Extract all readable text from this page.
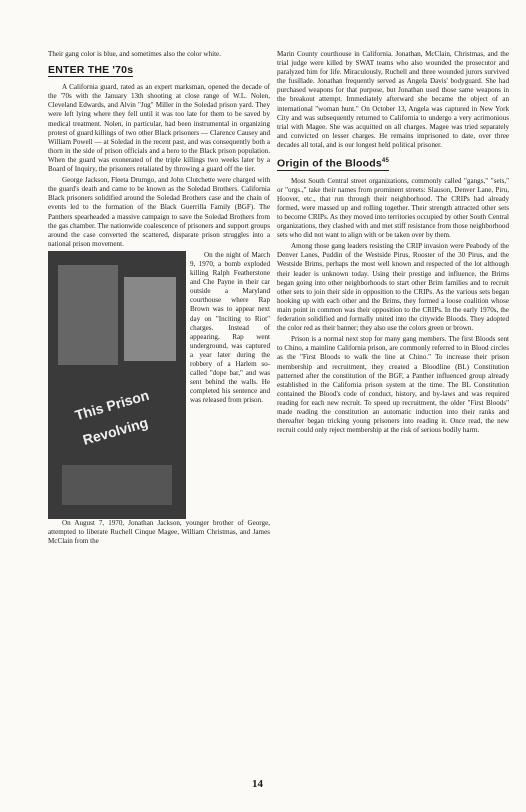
Their gang color is blue, and sometimes also the color white.

ENTER THE '70s

A California guard, rated as an expert marksman, opened the decade of the '70s with the January 13th shooting at close range of W.L. Nolen, Cleveland Edwards, and Alvin "Jug" Miller in the Soledad prison yard. They were left lying where they fell until it was too late for them to be saved by medical treatment. Nolen, in particular, had been instrumental in organizing protest of guard killings of two other Black prisoners — Clarence Causey and William Powell — at Soledad in the recent past, and was consequently both a thorn in the side of prison officials and a hero to the Black prison population. When the guard was exonerated of the triple killings two weeks later by a Board of Inquiry, the prisoners retaliated by throwing a guard off the tier.

George Jackson, Fleeta Drumgo, and John Clutchette were charged with the guard's death and came to be known as the Soledad Brothers. California Black prisoners solidified around the Soledad Brothers case and the chain of events led to the formation of the Black Guerrilla Family (BGF). The Panthers spearheaded a massive campaign to save the Soledad Brothers from the gas chamber. The nationwide coalescence of prisoners and support groups around the case converted the scattered, disparate prison struggles into a national prison movement.

This Prison
Revolving

On the night of March 9, 1970, a bomb exploded killing Ralph Featherstone and Che Payne in their car outside a Maryland courthouse where Rap Brown was to appear next day on "Inciting to Riot" charges. Instead of appearing, Rap went underground, was captured a year later during the robbery of a Harlem so-called "dope bar," and was sent behind the walls. He completed his sentence and was released from prison.

On August 7, 1970, Jonathan Jackson, younger brother of George, attempted to liberate Ruchell Cinque Magee, William Christmas, and James McClain from the

Marin County courthouse in California. Jonathan, McClain, Christmas, and the trial judge were killed by SWAT teams who also wounded the prosecutor and paralyzed him for life. Miraculously, Ruchell and three wounded jurors survived the fusillade. Jonathan frequently served as Angela Davis' bodyguard. She had purchased weapons for that purpose, but Jonathan used those same weapons in the breakout attempt. Immediately afterward she became the object of an international "woman hunt." On October 13, Angela was captured in New York City and was subsequently returned to California to undergo a very acrimonious trial with Magee. She was acquitted on all charges. Magee was tried separately and convicted on lesser charges. He remains imprisoned to date, over three decades all total, and is our longest held political prisoner.

Origin of the Bloods$^{45}$

Most South Central street organizations, commonly called "gangs," "sets," or "orgs.," take their names from prominent streets: Slauson, Denver Lane, Piru, Hoover, etc., that run through their neighborhood. The CRIPs had already formed, were massed up and rolling together. Their strength attracted other sets to become CRIPs. As they moved into territories occupied by other South Central organizations, they clashed with and met stiff resistance from those neighborhood sets who did not want to align with or be taken over by them.

Among those gang leaders resisting the CRIP invasion were Peabody of the Denver Lanes, Puddin of the Westside Pirus, Rooster of the 30 Pirus, and the Westside Brims, perhaps the most well known and respected of the lot although their leader is unknown today. Using their prestige and influence, the Brims began going into other neighborhoods to start other Brim families and to recruit other sets to join their side in opposition to the CRIPs. As the various sets began hooking up with each other and the Brims, they formed a loose coalition whose main point in common was their opposition to the CRIPs. In the early 1970s, the federation solidified and formally united into the citywide Bloods. They adopted the color red as their banner; they also use the colors green or brown.

Prison is a normal next stop for many gang members. The first Bloods sent to Chino, a mainline California prison, are commonly referred to in Blood circles as the "First Bloods to walk the line at Chino." To increase their prison membership and recruitment, they created a Bloodline (BL) Constitution patterned after the constitution of the BGF, a Panther influenced group already established in the California prison system at the time. The BL Constitution contained the Blood's code of conduct, history, and by-laws and was required reading for each new recruit. To speed up recruitment, the older "First Bloods" made reading the constitution an automatic induction into their ranks and thereafter began tricking young prisoners into reading it. Once read, the new recruit could only reject membership at the risk of serious bodily harm.

14
